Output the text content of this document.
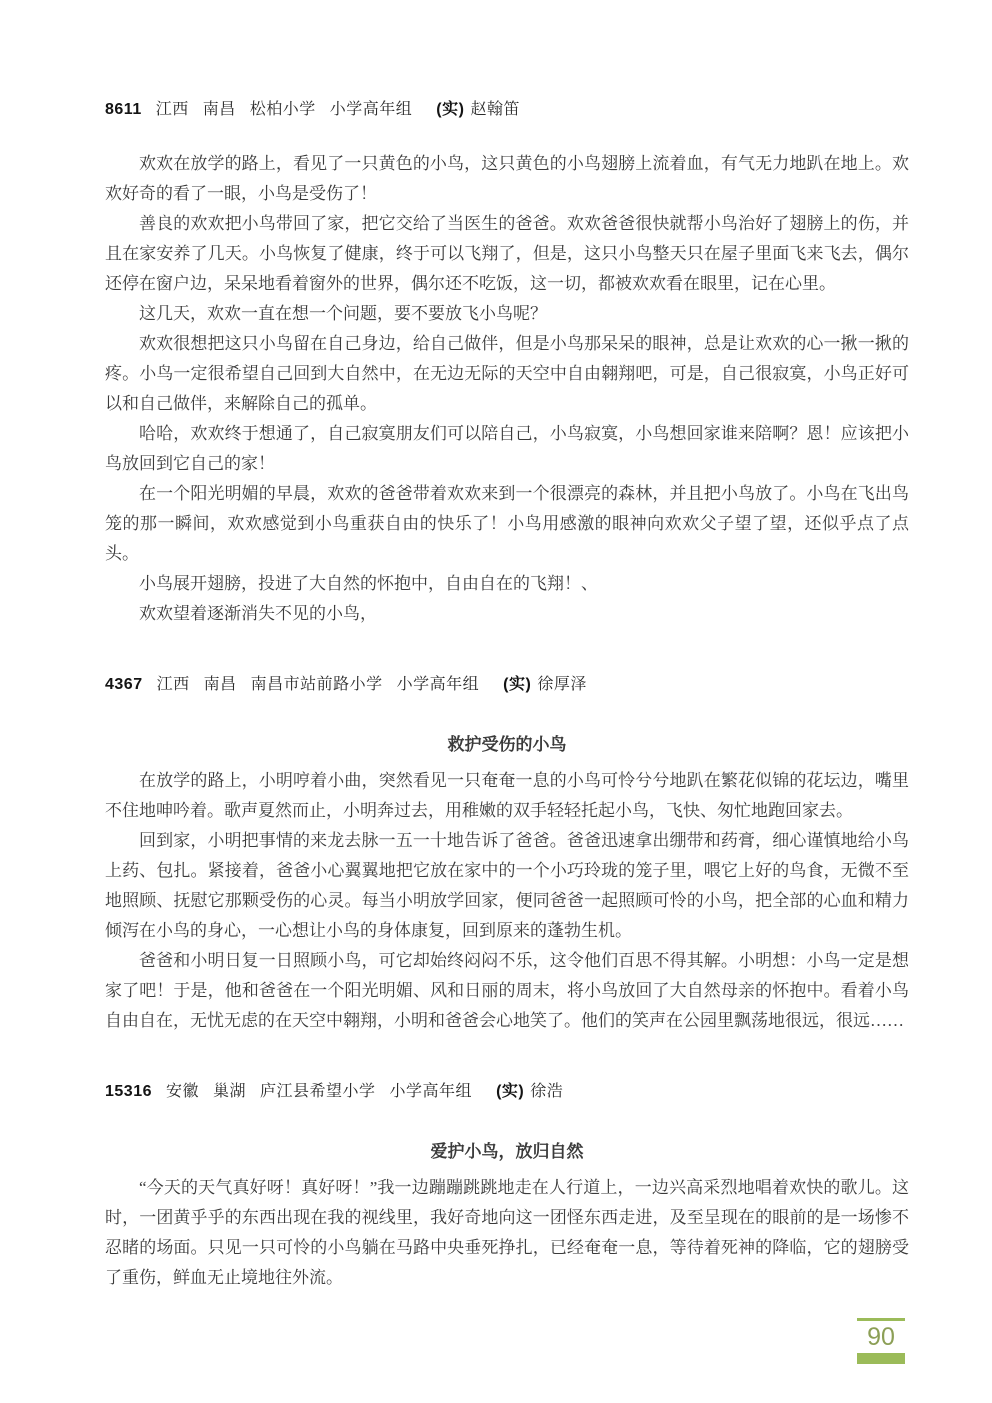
8611 江西 南昌 松柏小学 小学高年组 (实) 赵翰笛

欢欢在放学的路上，看见了一只黄色的小鸟，这只黄色的小鸟翅膀上流着血，有气无力地趴在地上。欢欢好奇的看了一眼，小鸟是受伤了！

善良的欢欢把小鸟带回了家，把它交给了当医生的爸爸。欢欢爸爸很快就帮小鸟治好了翅膀上的伤，并且在家安养了几天。小鸟恢复了健康，终于可以飞翔了，但是，这只小鸟整天只在屋子里面飞来飞去，偶尔还停在窗户边，呆呆地看着窗外的世界，偶尔还不吃饭，这一切，都被欢欢看在眼里，记在心里。

这几天，欢欢一直在想一个问题，要不要放飞小鸟呢？

欢欢很想把这只小鸟留在自己身边，给自己做伴，但是小鸟那呆呆的眼神，总是让欢欢的心一揪一揪的疼。小鸟一定很希望自己回到大自然中，在无边无际的天空中自由翱翔吧，可是，自己很寂寞，小鸟正好可以和自己做伴，来解除自己的孤单。

哈哈，欢欢终于想通了，自己寂寞朋友们可以陪自己，小鸟寂寞，小鸟想回家谁来陪啊？恩！应该把小鸟放回到它自己的家！

在一个阳光明媚的早晨，欢欢的爸爸带着欢欢来到一个很漂亮的森林，并且把小鸟放了。小鸟在飞出鸟笼的那一瞬间，欢欢感觉到小鸟重获自由的快乐了！小鸟用感激的眼神向欢欢父子望了望，还似乎点了点头。

小鸟展开翅膀，投进了大自然的怀抱中，自由自在的飞翔！、

欢欢望着逐渐消失不见的小鸟，

4367 江西 南昌 南昌市站前路小学 小学高年组 (实) 徐厚泽
救护受伤的小鸟

在放学的路上，小明哼着小曲，突然看见一只奄奄一息的小鸟可怜兮兮地趴在繁花似锦的花坛边，嘴里不住地呻吟着。歌声夏然而止，小明奔过去，用稚嫩的双手轻轻托起小鸟，飞快、匆忙地跑回家去。

回到家，小明把事情的来龙去脉一五一十地告诉了爸爸。爸爸迅速拿出绷带和药膏，细心谨慎地给小鸟上药、包扎。紧接着，爸爸小心翼翼地把它放在家中的一个小巧玲珑的笼子里，喂它上好的鸟食，无微不至地照顾、抚慰它那颗受伤的心灵。每当小明放学回家，便同爸爸一起照顾可怜的小鸟，把全部的心血和精力倾泻在小鸟的身心，一心想让小鸟的身体康复，回到原来的蓬勃生机。

爸爸和小明日复一日照顾小鸟，可它却始终闷闷不乐，这令他们百思不得其解。小明想：小鸟一定是想家了吧！于是，他和爸爸在一个阳光明媚、风和日丽的周末，将小鸟放回了大自然母亲的怀抱中。看着小鸟自由自在，无忧无虑的在天空中翱翔，小明和爸爸会心地笑了。他们的笑声在公园里飘荡地很远，很远……

15316 安徽 巢湖 庐江县希望小学 小学高年组 (实) 徐浩
爱护小鸟，放归自然

“今天的天气真好呀！真好呀！”我一边蹦蹦跳跳地走在人行道上，一边兴高采烈地唱着欢快的歌儿。这时，一团黄乎乎的东西出现在我的视线里，我好奇地向这一团怪东西走进，及至呈现在的眼前的是一场惨不忍睹的场面。只见一只可怜的小鸟躺在马路中央垂死挣扎，已经奄奄一息，等待着死神的降临，它的翅膀受了重伤，鲜血无止境地往外流。

90
